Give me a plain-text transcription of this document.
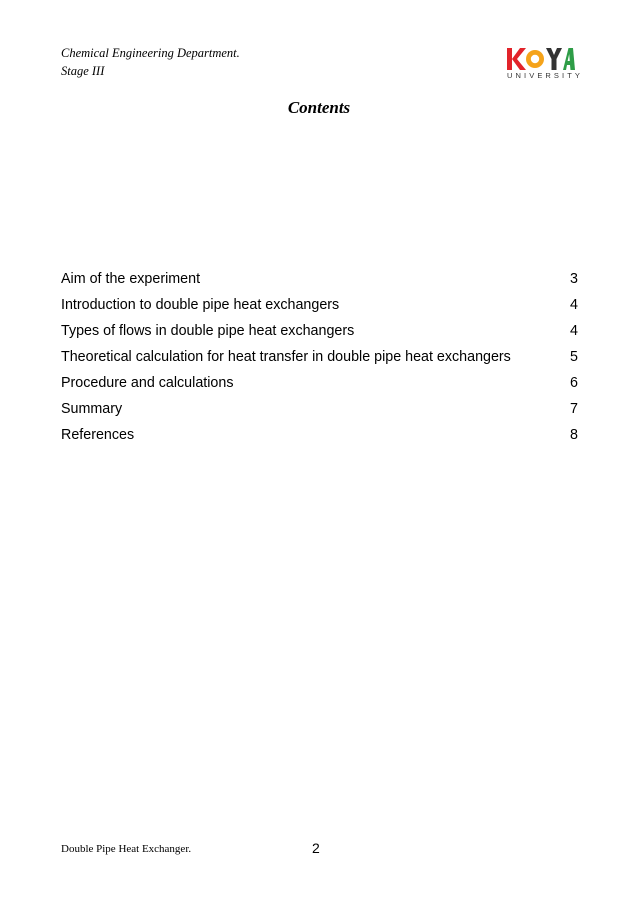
Chemical Engineering Department.
Stage III	UNIVERSITY
Contents
Aim of the experiment	3
Introduction to double pipe heat exchangers	4
Types of flows in double pipe heat exchangers	4
Theoretical calculation for heat transfer in double pipe heat exchangers	5
Procedure and calculations	6
Summary	7
References	8
Double Pipe Heat Exchanger.	2
